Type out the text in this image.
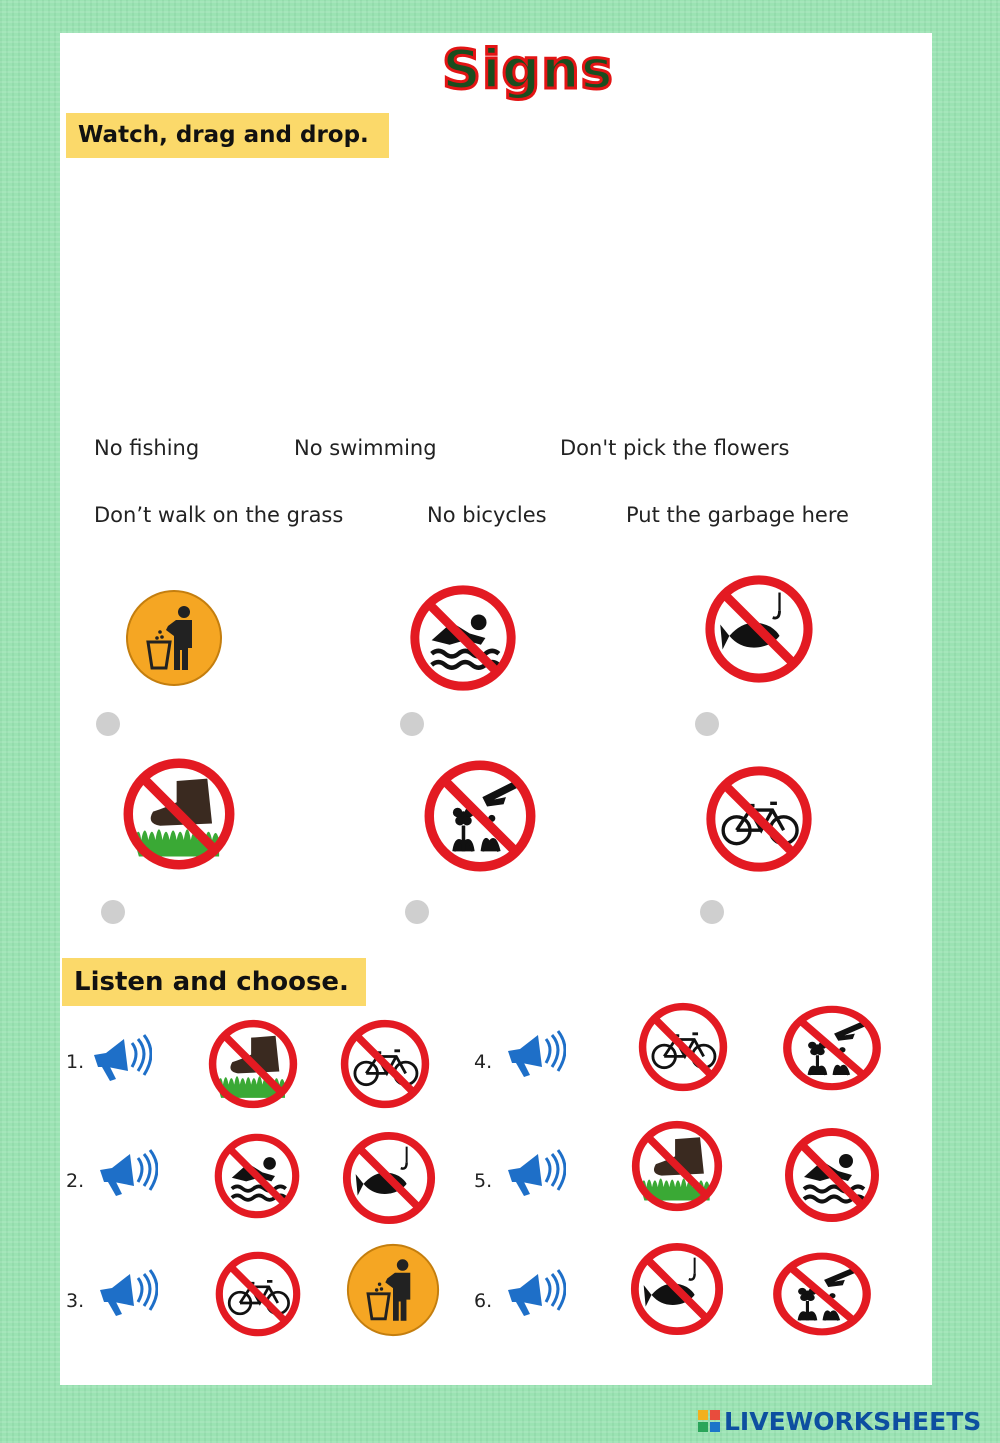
Signs
Watch, drag and drop.
No fishing	No swimming	Don't pick the flowers
Don’t walk on the grass	No bicycles	Put the garbage here
Listen and choose.
1.
2.
3.
4.
5.
6.
LIVEWORKSHEETS
